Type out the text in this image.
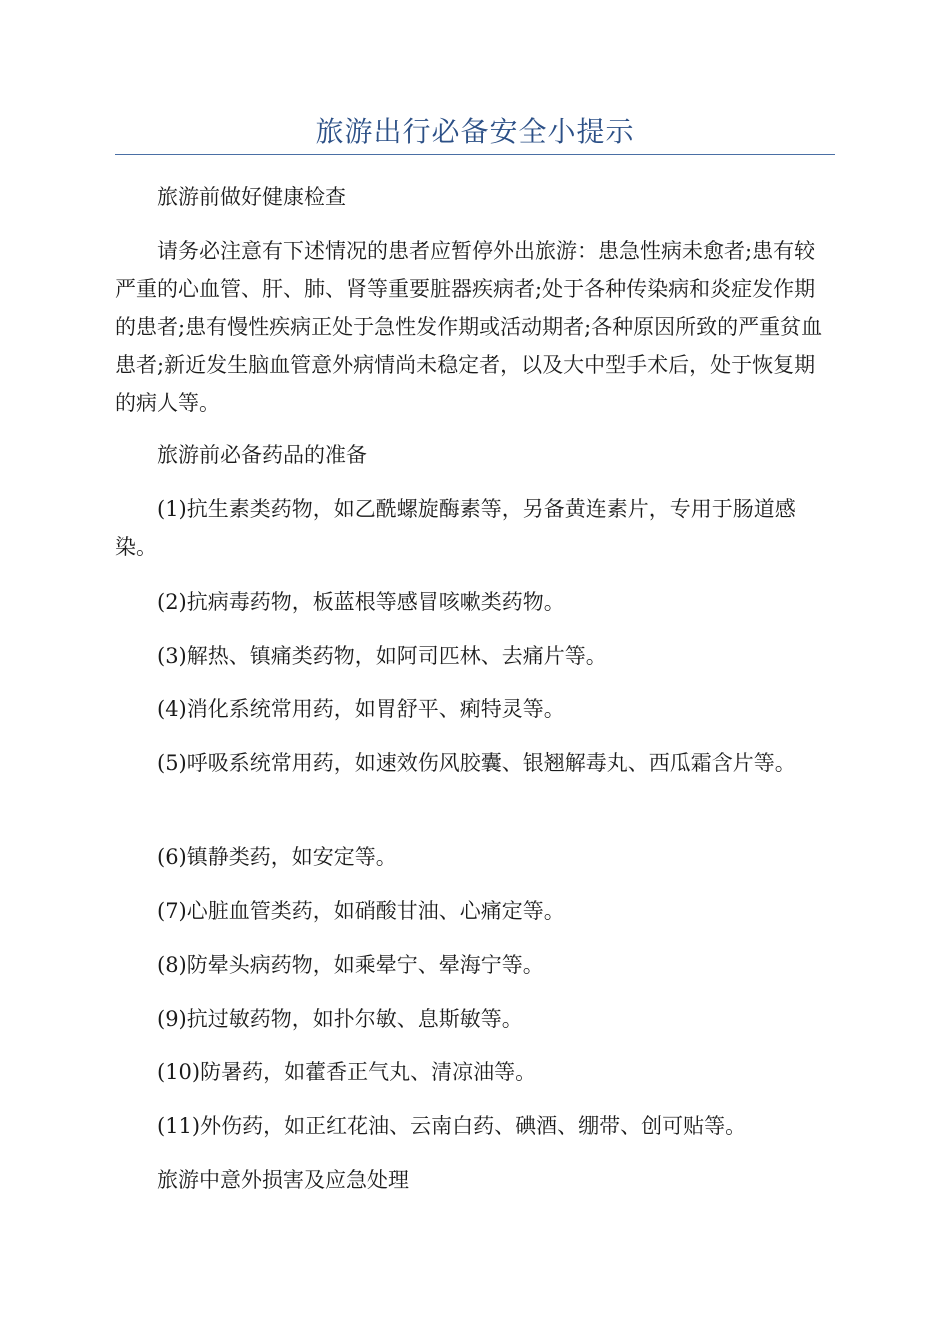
旅游出行必备安全小提示

旅游前做好健康检查

请务必注意有下述情况的患者应暂停外出旅游：患急性病未愈者;患有较严重的心血管、肝、肺、肾等重要脏器疾病者;处于各种传染病和炎症发作期的患者;患有慢性疾病正处于急性发作期或活动期者;各种原因所致的严重贫血患者;新近发生脑血管意外病情尚未稳定者，以及大中型手术后，处于恢复期的病人等。

旅游前必备药品的准备

(1)抗生素类药物，如乙酰螺旋酶素等，另备黄连素片，专用于肠道感染。

(2)抗病毒药物，板蓝根等感冒咳嗽类药物。

(3)解热、镇痛类药物，如阿司匹林、去痛片等。

(4)消化系统常用药，如胃舒平、痢特灵等。

(5)呼吸系统常用药，如速效伤风胶囊、银翘解毒丸、西瓜霜含片等。

(6)镇静类药，如安定等。

(7)心脏血管类药，如硝酸甘油、心痛定等。

(8)防晕头病药物，如乘晕宁、晕海宁等。

(9)抗过敏药物，如扑尔敏、息斯敏等。

(10)防暑药，如藿香正气丸、清凉油等。

(11)外伤药，如正红花油、云南白药、碘酒、绷带、创可贴等。

旅游中意外损害及应急处理
